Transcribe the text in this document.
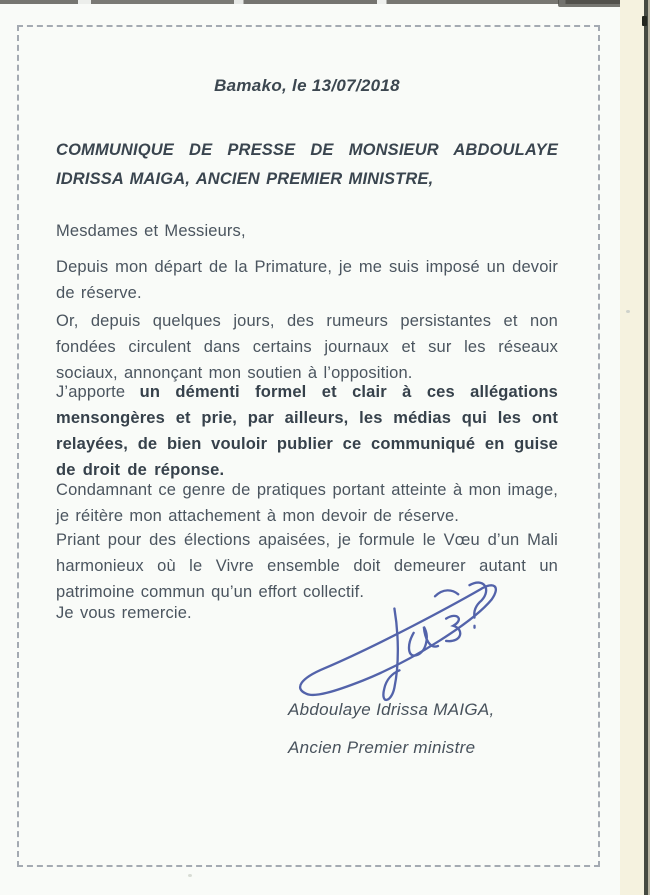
Bamako, le 13/07/2018
COMMUNIQUE DE PRESSE DE MONSIEUR ABDOULAYE IDRISSA MAIGA, ANCIEN PREMIER MINISTRE,
Mesdames et Messieurs,
Depuis mon départ de la Primature, je me suis imposé un devoir de réserve.
Or, depuis quelques jours, des rumeurs persistantes et non fondées circulent dans certains journaux et sur les réseaux sociaux, annonçant mon soutien à l’opposition.
J’apporte un démenti formel et clair à ces allégations mensongères et prie, par ailleurs, les médias qui les ont relayées, de bien vouloir publier ce communiqué en guise de droit de réponse.
Condamnant ce genre de pratiques portant atteinte à mon image, je réitère mon attachement à mon devoir de réserve.
Priant pour des élections apaisées, je formule le Vœu d’un Mali harmonieux où le Vivre ensemble doit demeurer autant un patrimoine commun qu’un effort collectif.
Je vous remercie.
Abdoulaye Idrissa MAIGA,
Ancien Premier ministre
